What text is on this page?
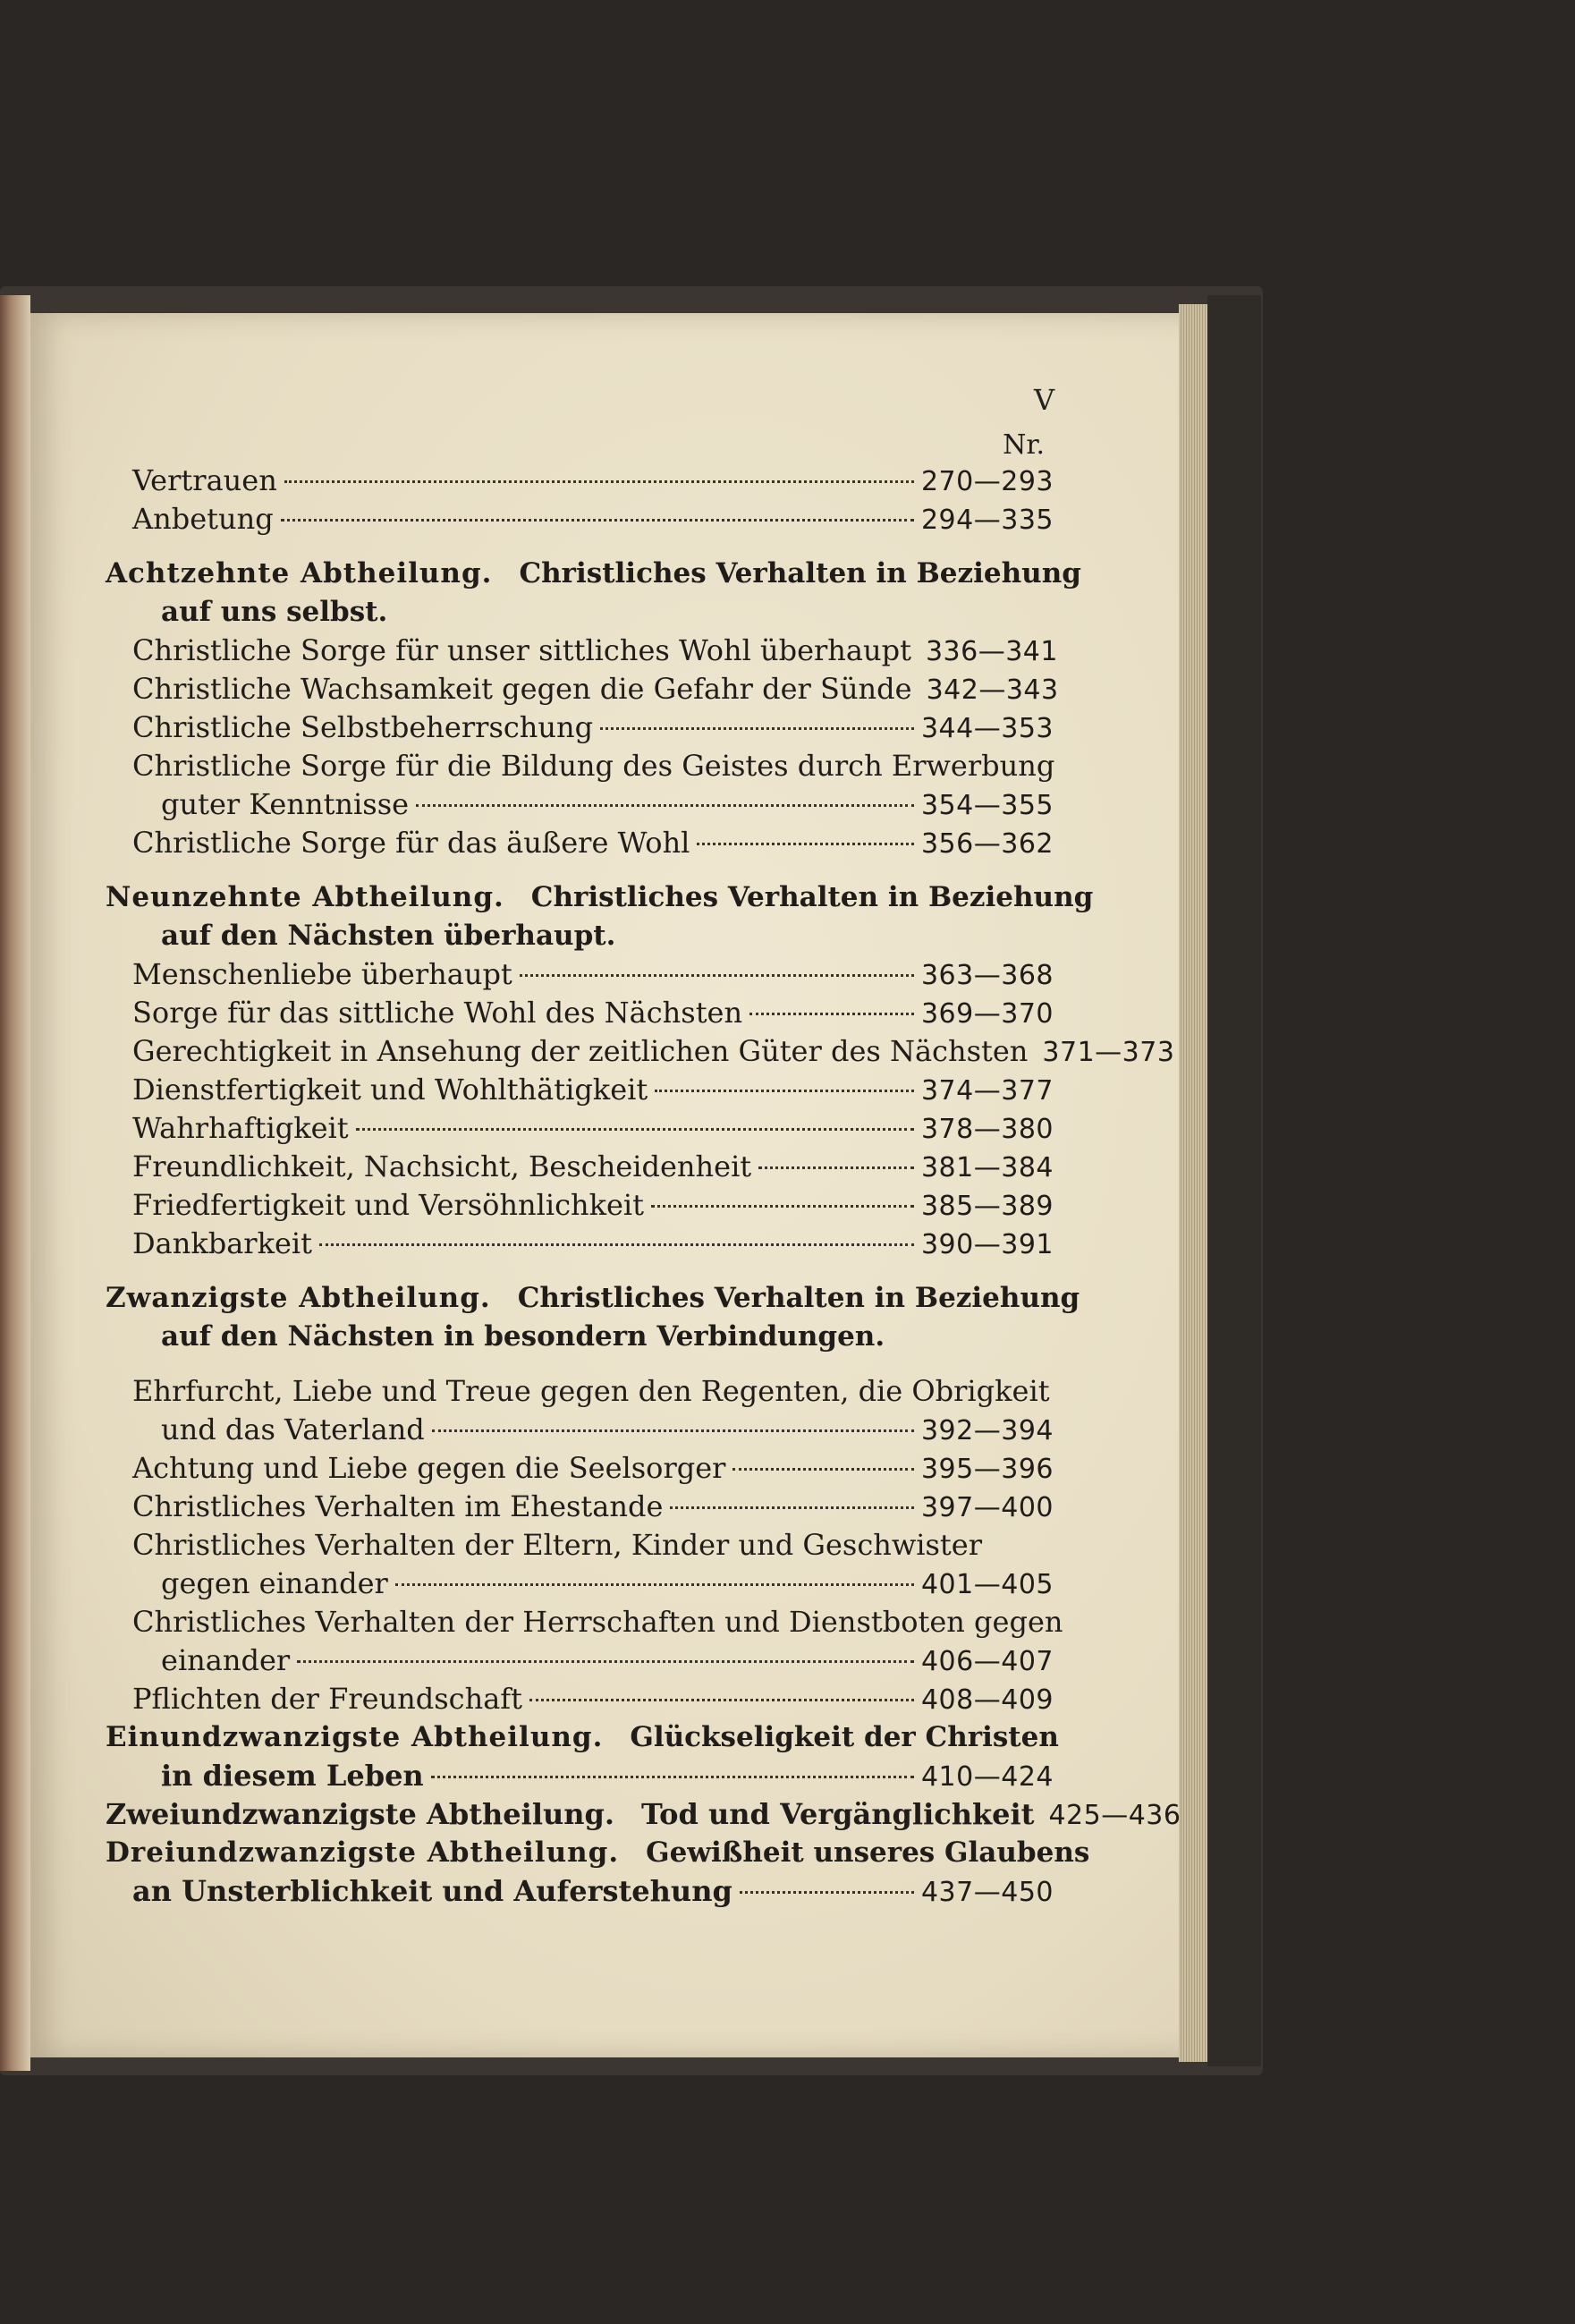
V
Nr.
Vertrauen	270—293
Anbetung	294—335
Achtzehnte Abtheilung. Christliches Verhalten in Beziehung
auf uns selbst.
Christliche Sorge für unser sittliches Wohl überhaupt 336—341
Christliche Wachsamkeit gegen die Gefahr der Sünde 342—343
Christliche Selbstbeherrschung	344—353
Christliche Sorge für die Bildung des Geistes durch Erwerbung
guter Kenntnisse	354—355
Christliche Sorge für das äußere Wohl	356—362
Neunzehnte Abtheilung. Christliches Verhalten in Beziehung
auf den Nächsten überhaupt.
Menschenliebe überhaupt	363—368
Sorge für das sittliche Wohl des Nächsten	369—370
Gerechtigkeit in Ansehung der zeitlichen Güter des Nächsten 371—373
Dienstfertigkeit und Wohlthätigkeit	374—377
Wahrhaftigkeit	378—380
Freundlichkeit, Nachsicht, Bescheidenheit	381—384
Friedfertigkeit und Versöhnlichkeit	385—389
Dankbarkeit	390—391
Zwanzigste Abtheilung. Christliches Verhalten in Beziehung
auf den Nächsten in besondern Verbindungen.
Ehrfurcht, Liebe und Treue gegen den Regenten, die Obrigkeit
und das Vaterland	392—394
Achtung und Liebe gegen die Seelsorger	395—396
Christliches Verhalten im Ehestande	397—400
Christliches Verhalten der Eltern, Kinder und Geschwister
gegen einander	401—405
Christliches Verhalten der Herrschaften und Dienstboten gegen
einander	406—407
Pflichten der Freundschaft	408—409
Einundzwanzigste Abtheilung. Glückseligkeit der Christen
in diesem Leben	410—424
Zweiundzwanzigste Abtheilung. Tod und Vergänglichkeit 425—436
Dreiundzwanzigste Abtheilung. Gewißheit unseres Glaubens
an Unsterblichkeit und Auferstehung	437—450
